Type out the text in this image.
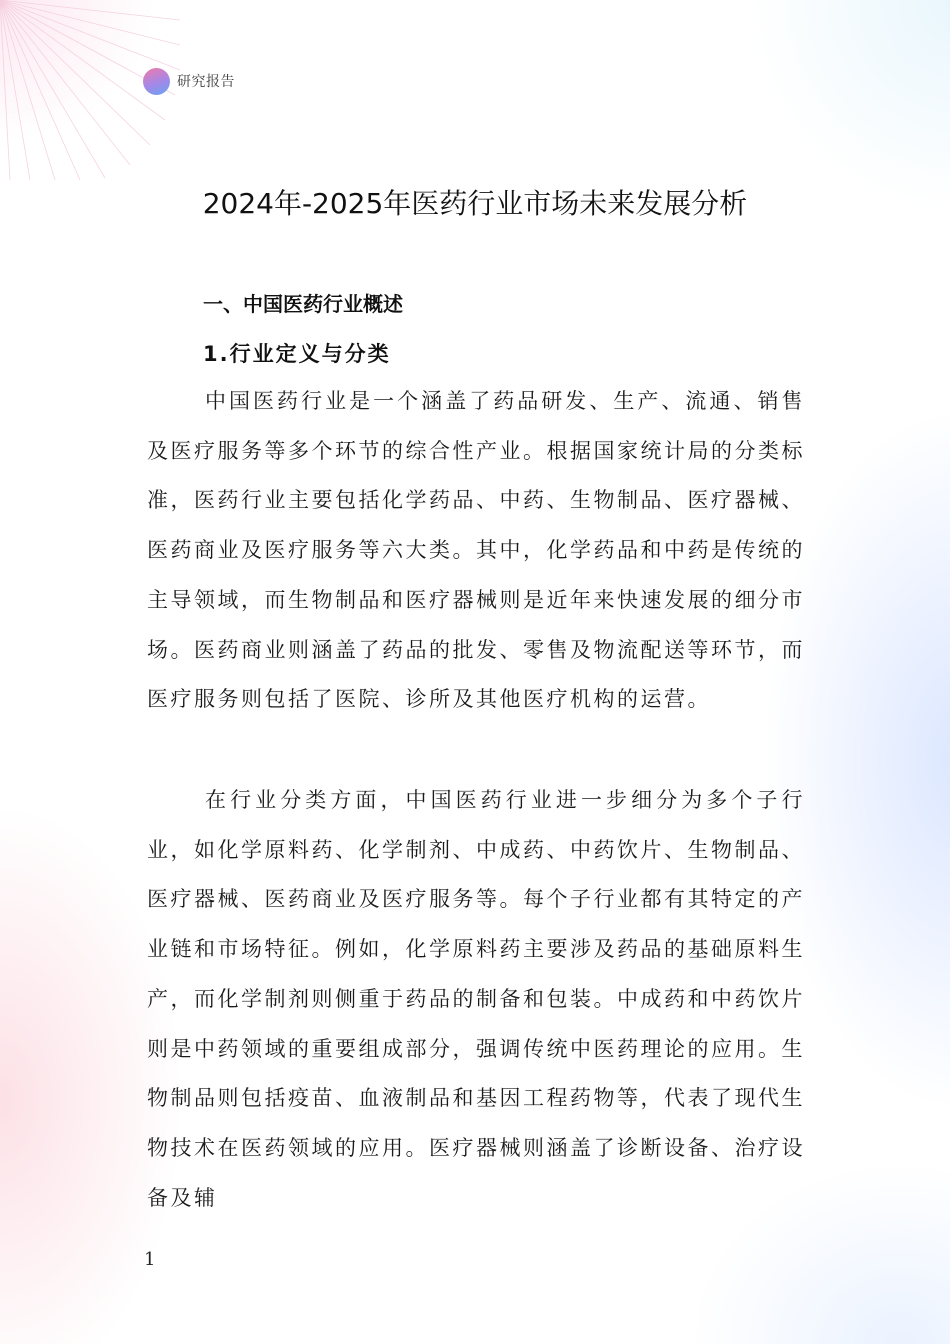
研究报告
2024年-2025年医药行业市场未来发展分析
一、中国医药行业概述
1.行业定义与分类

中国医药行业是一个涵盖了药品研发、生产、流通、销售及医疗服务等多个环节的综合性产业。根据国家统计局的分类标准，医药行业主要包括化学药品、中药、生物制品、医疗器械、医药商业及医疗服务等六大类。其中，化学药品和中药是传统的主导领域，而生物制品和医疗器械则是近年来快速发展的细分市场。医药商业则涵盖了药品的批发、零售及物流配送等环节，而医疗服务则包括了医院、诊所及其他医疗机构的运营。

在行业分类方面，中国医药行业进一步细分为多个子行业，如化学原料药、化学制剂、中成药、中药饮片、生物制品、医疗器械、医药商业及医疗服务等。每个子行业都有其特定的产业链和市场特征。例如，化学原料药主要涉及药品的基础原料生产，而化学制剂则侧重于药品的制备和包装。中成药和中药饮片则是中药领域的重要组成部分，强调传统中医药理论的应用。生物制品则包括疫苗、血液制品和基因工程药物等，代表了现代生物技术在医药领域的应用。医疗器械则涵盖了诊断设备、治疗设备及辅

1
